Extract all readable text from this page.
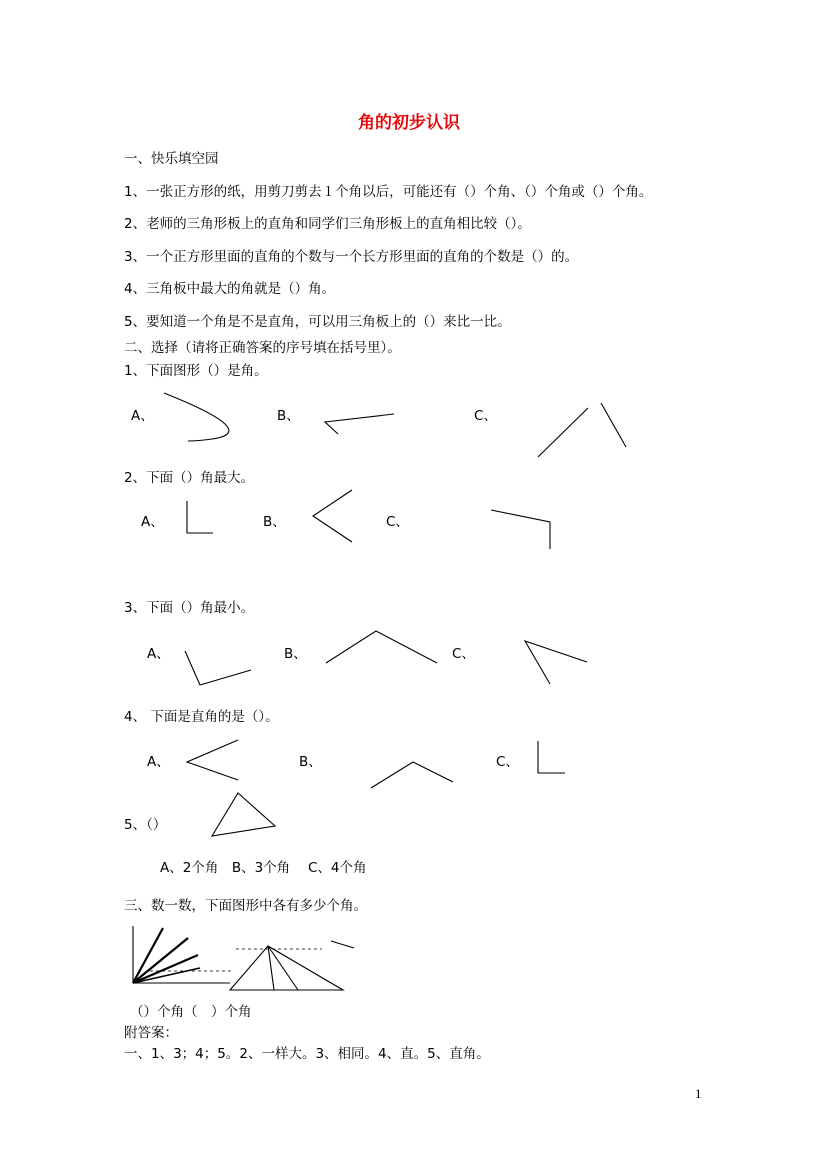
角的初步认识
一、快乐填空园
1、一张正方形的纸，用剪刀剪去１个角以后，可能还有（）个角、（）个角或（）个角。
2、老师的三角形板上的直角和同学们三角形板上的直角相比较（）。
3、一个正方形里面的直角的个数与一个长方形里面的直角的个数是（）的。
4、三角板中最大的角就是（）角。
5、要知道一个角是不是直角，可以用三角板上的（）来比一比。
二、选择（请将正确答案的序号填在括号里）。
1、下面图形（）是角。
A、	B、	C、
2、下面（）角最大。
A、	B、	C、
3、下面（）角最小。
A、	B、	C、
4、 下面是直角的是（）。
A、	B、	C、
5、（）
A、2个角　B、3个角　 C、4个角
三、数一数，下面图形中各有多少个角。
（）个角（　）个角
附答案：
一、1、3；4；5。2、一样大。3、相同。4、直。5、直角。
1
